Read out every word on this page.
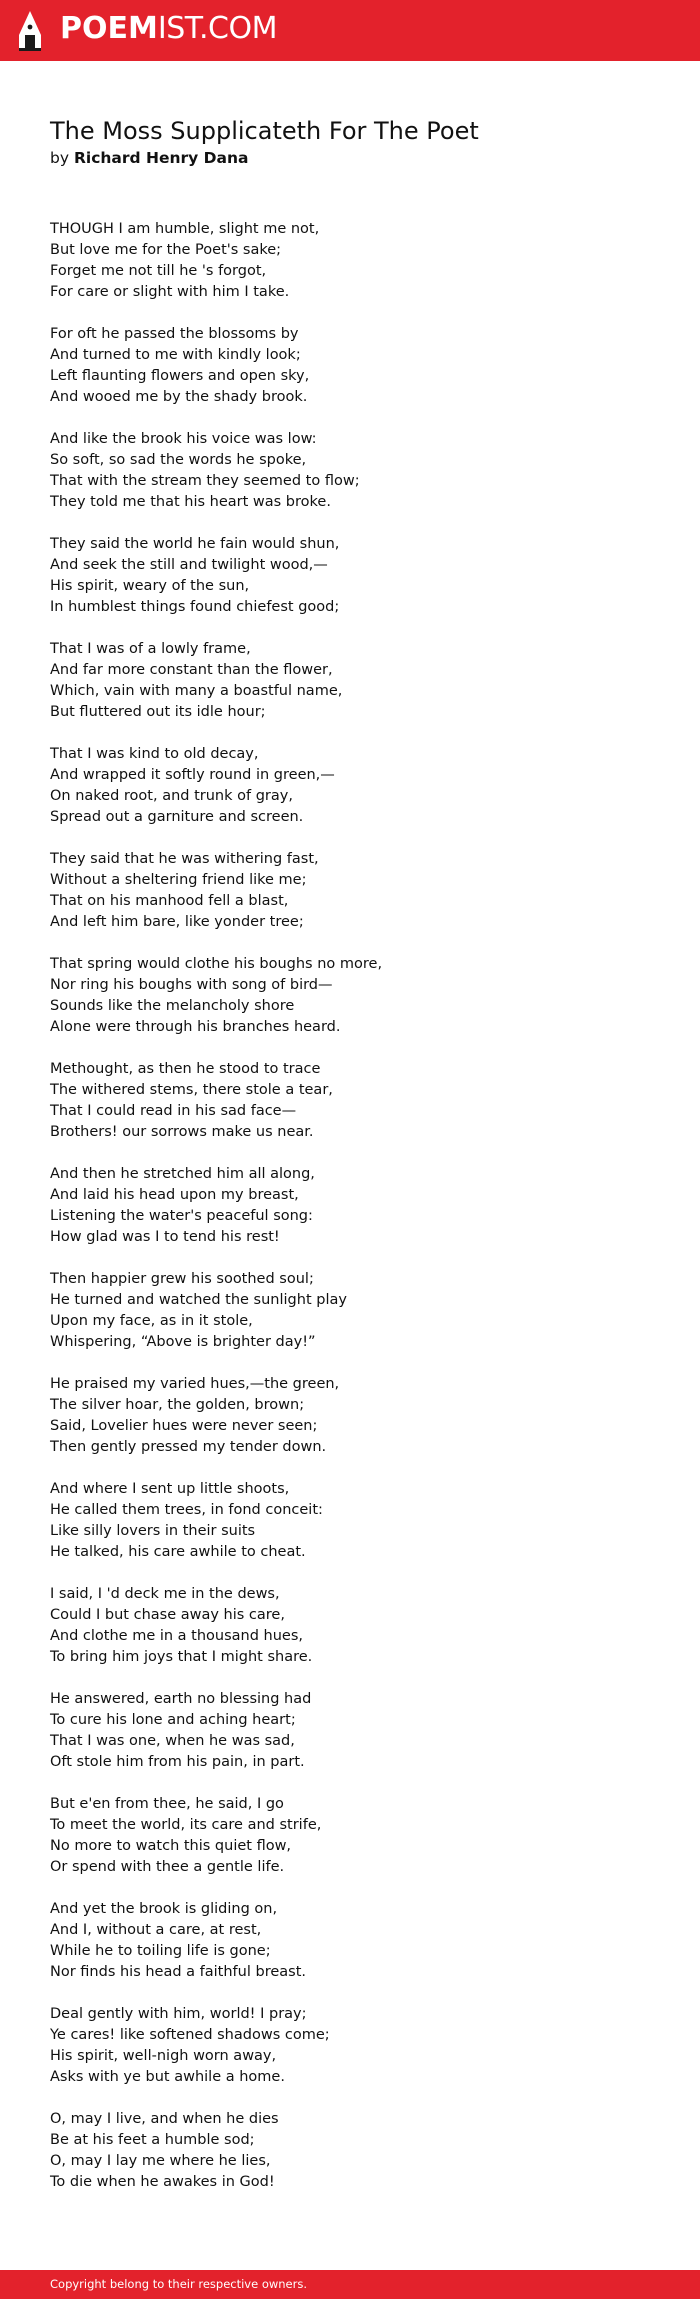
POEMIST.COM
The Moss Supplicateth For The Poet
by Richard Henry Dana
THOUGH I am humble, slight me not,
But love me for the Poet's sake;
Forget me not till he 's forgot,
For care or slight with him I take.
For oft he passed the blossoms by
And turned to me with kindly look;
Left flaunting flowers and open sky,
And wooed me by the shady brook.
And like the brook his voice was low:
So soft, so sad the words he spoke,
That with the stream they seemed to flow;
They told me that his heart was broke.
They said the world he fain would shun,
And seek the still and twilight wood,—
His spirit, weary of the sun,
In humblest things found chiefest good;
That I was of a lowly frame,
And far more constant than the flower,
Which, vain with many a boastful name,
But fluttered out its idle hour;
That I was kind to old decay,
And wrapped it softly round in green,—
On naked root, and trunk of gray,
Spread out a garniture and screen.
They said that he was withering fast,
Without a sheltering friend like me;
That on his manhood fell a blast,
And left him bare, like yonder tree;
That spring would clothe his boughs no more,
Nor ring his boughs with song of bird—
Sounds like the melancholy shore
Alone were through his branches heard.
Methought, as then he stood to trace
The withered stems, there stole a tear,
That I could read in his sad face—
Brothers! our sorrows make us near.
And then he stretched him all along,
And laid his head upon my breast,
Listening the water's peaceful song:
How glad was I to tend his rest!
Then happier grew his soothed soul;
He turned and watched the sunlight play
Upon my face, as in it stole,
Whispering, “Above is brighter day!”
He praised my varied hues,—the green,
The silver hoar, the golden, brown;
Said, Lovelier hues were never seen;
Then gently pressed my tender down.
And where I sent up little shoots,
He called them trees, in fond conceit:
Like silly lovers in their suits
He talked, his care awhile to cheat.
I said, I 'd deck me in the dews,
Could I but chase away his care,
And clothe me in a thousand hues,
To bring him joys that I might share.
He answered, earth no blessing had
To cure his lone and aching heart;
That I was one, when he was sad,
Oft stole him from his pain, in part.
But e'en from thee, he said, I go
To meet the world, its care and strife,
No more to watch this quiet flow,
Or spend with thee a gentle life.
And yet the brook is gliding on,
And I, without a care, at rest,
While he to toiling life is gone;
Nor finds his head a faithful breast.
Deal gently with him, world! I pray;
Ye cares! like softened shadows come;
His spirit, well-nigh worn away,
Asks with ye but awhile a home.
O, may I live, and when he dies
Be at his feet a humble sod;
O, may I lay me where he lies,
To die when he awakes in God!
Copyright belong to their respective owners.
